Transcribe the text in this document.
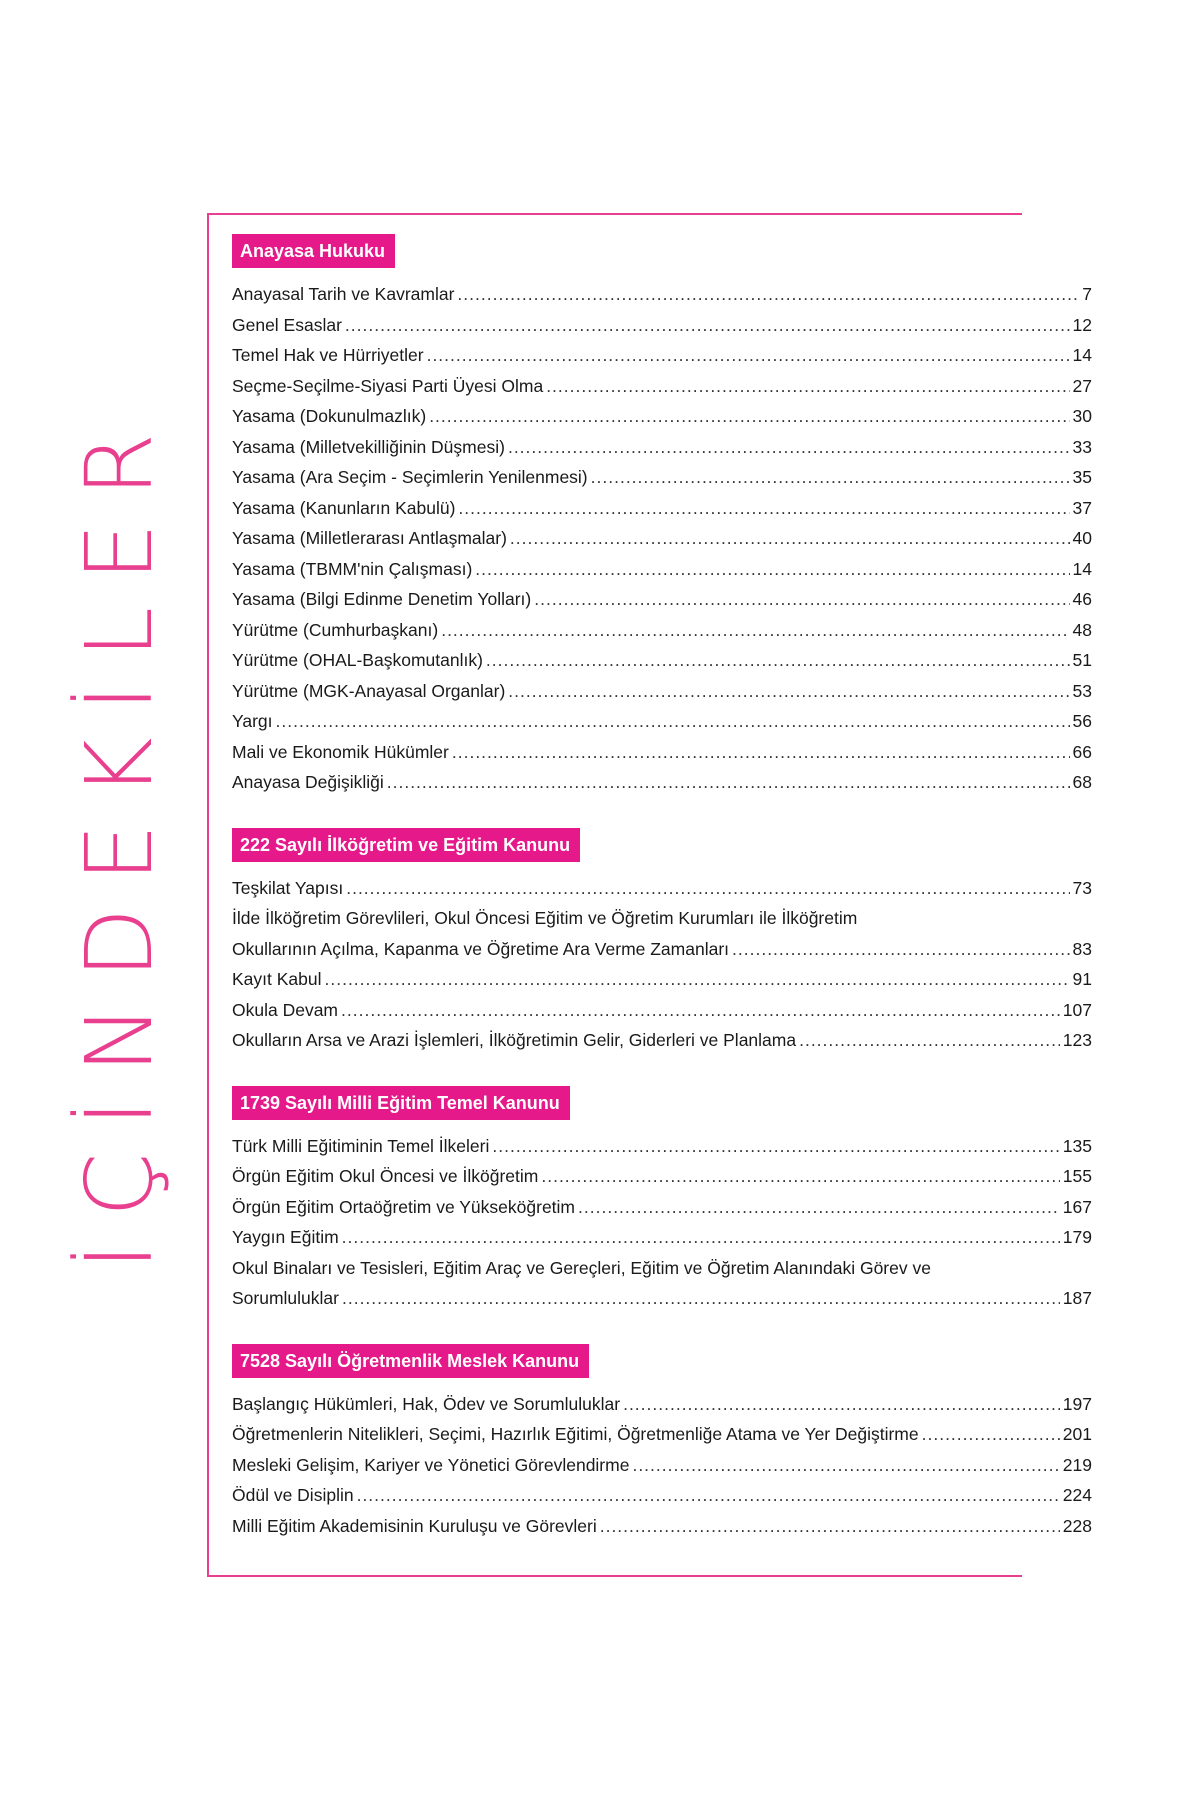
İÇİNDEKİLER
Anayasa Hukuku
Anayasal Tarih ve Kavramlar .....	7
Genel Esaslar .....	12
Temel Hak ve Hürriyetler .....	14
Seçme-Seçilme-Siyasi Parti Üyesi Olma .....	27
Yasama (Dokunulmazlık) .....	30
Yasama (Milletvekilliğinin Düşmesi) .....	33
Yasama (Ara Seçim - Seçimlerin Yenilenmesi) .....	35
Yasama (Kanunların Kabulü) .....	37
Yasama (Milletlerarası Antlaşmalar) .....	40
Yasama (TBMM'nin Çalışması) .....	14
Yasama (Bilgi Edinme Denetim Yolları) .....	46
Yürütme (Cumhurbaşkanı) .....	48
Yürütme (OHAL-Başkomutanlık) .....	51
Yürütme (MGK-Anayasal Organlar) .....	53
Yargı .....	56
Mali ve Ekonomik Hükümler .....	66
Anayasa Değişikliği .....	68
222 Sayılı İlköğretim ve Eğitim Kanunu
Teşkilat Yapısı .....	73
İlde İlköğretim Görevlileri, Okul Öncesi Eğitim ve Öğretim Kurumları ile İlköğretim
Okullarının Açılma, Kapanma ve Öğretime Ara Verme Zamanları .....	83
Kayıt Kabul .....	91
Okula Devam .....	107
Okulların Arsa ve Arazi İşlemleri, İlköğretimin Gelir, Giderleri ve Planlama .....	123
1739 Sayılı Milli Eğitim Temel Kanunu
Türk Milli Eğitiminin Temel İlkeleri .....	135
Örgün Eğitim Okul Öncesi ve İlköğretim .....	155
Örgün Eğitim Ortaöğretim ve Yükseköğretim .....	167
Yaygın Eğitim .....	179
Okul Binaları ve Tesisleri, Eğitim Araç ve Gereçleri, Eğitim ve Öğretim Alanındaki Görev ve
Sorumluluklar .....	187
7528 Sayılı Öğretmenlik Meslek Kanunu
Başlangıç Hükümleri, Hak, Ödev ve Sorumluluklar .....	197
Öğretmenlerin Nitelikleri, Seçimi, Hazırlık Eğitimi, Öğretmenliğe Atama ve Yer Değiştirme .....	201
Mesleki Gelişim, Kariyer ve Yönetici Görevlendirme .....	219
Ödül ve Disiplin .....	224
Milli Eğitim Akademisinin Kuruluşu ve Görevleri .....	228
